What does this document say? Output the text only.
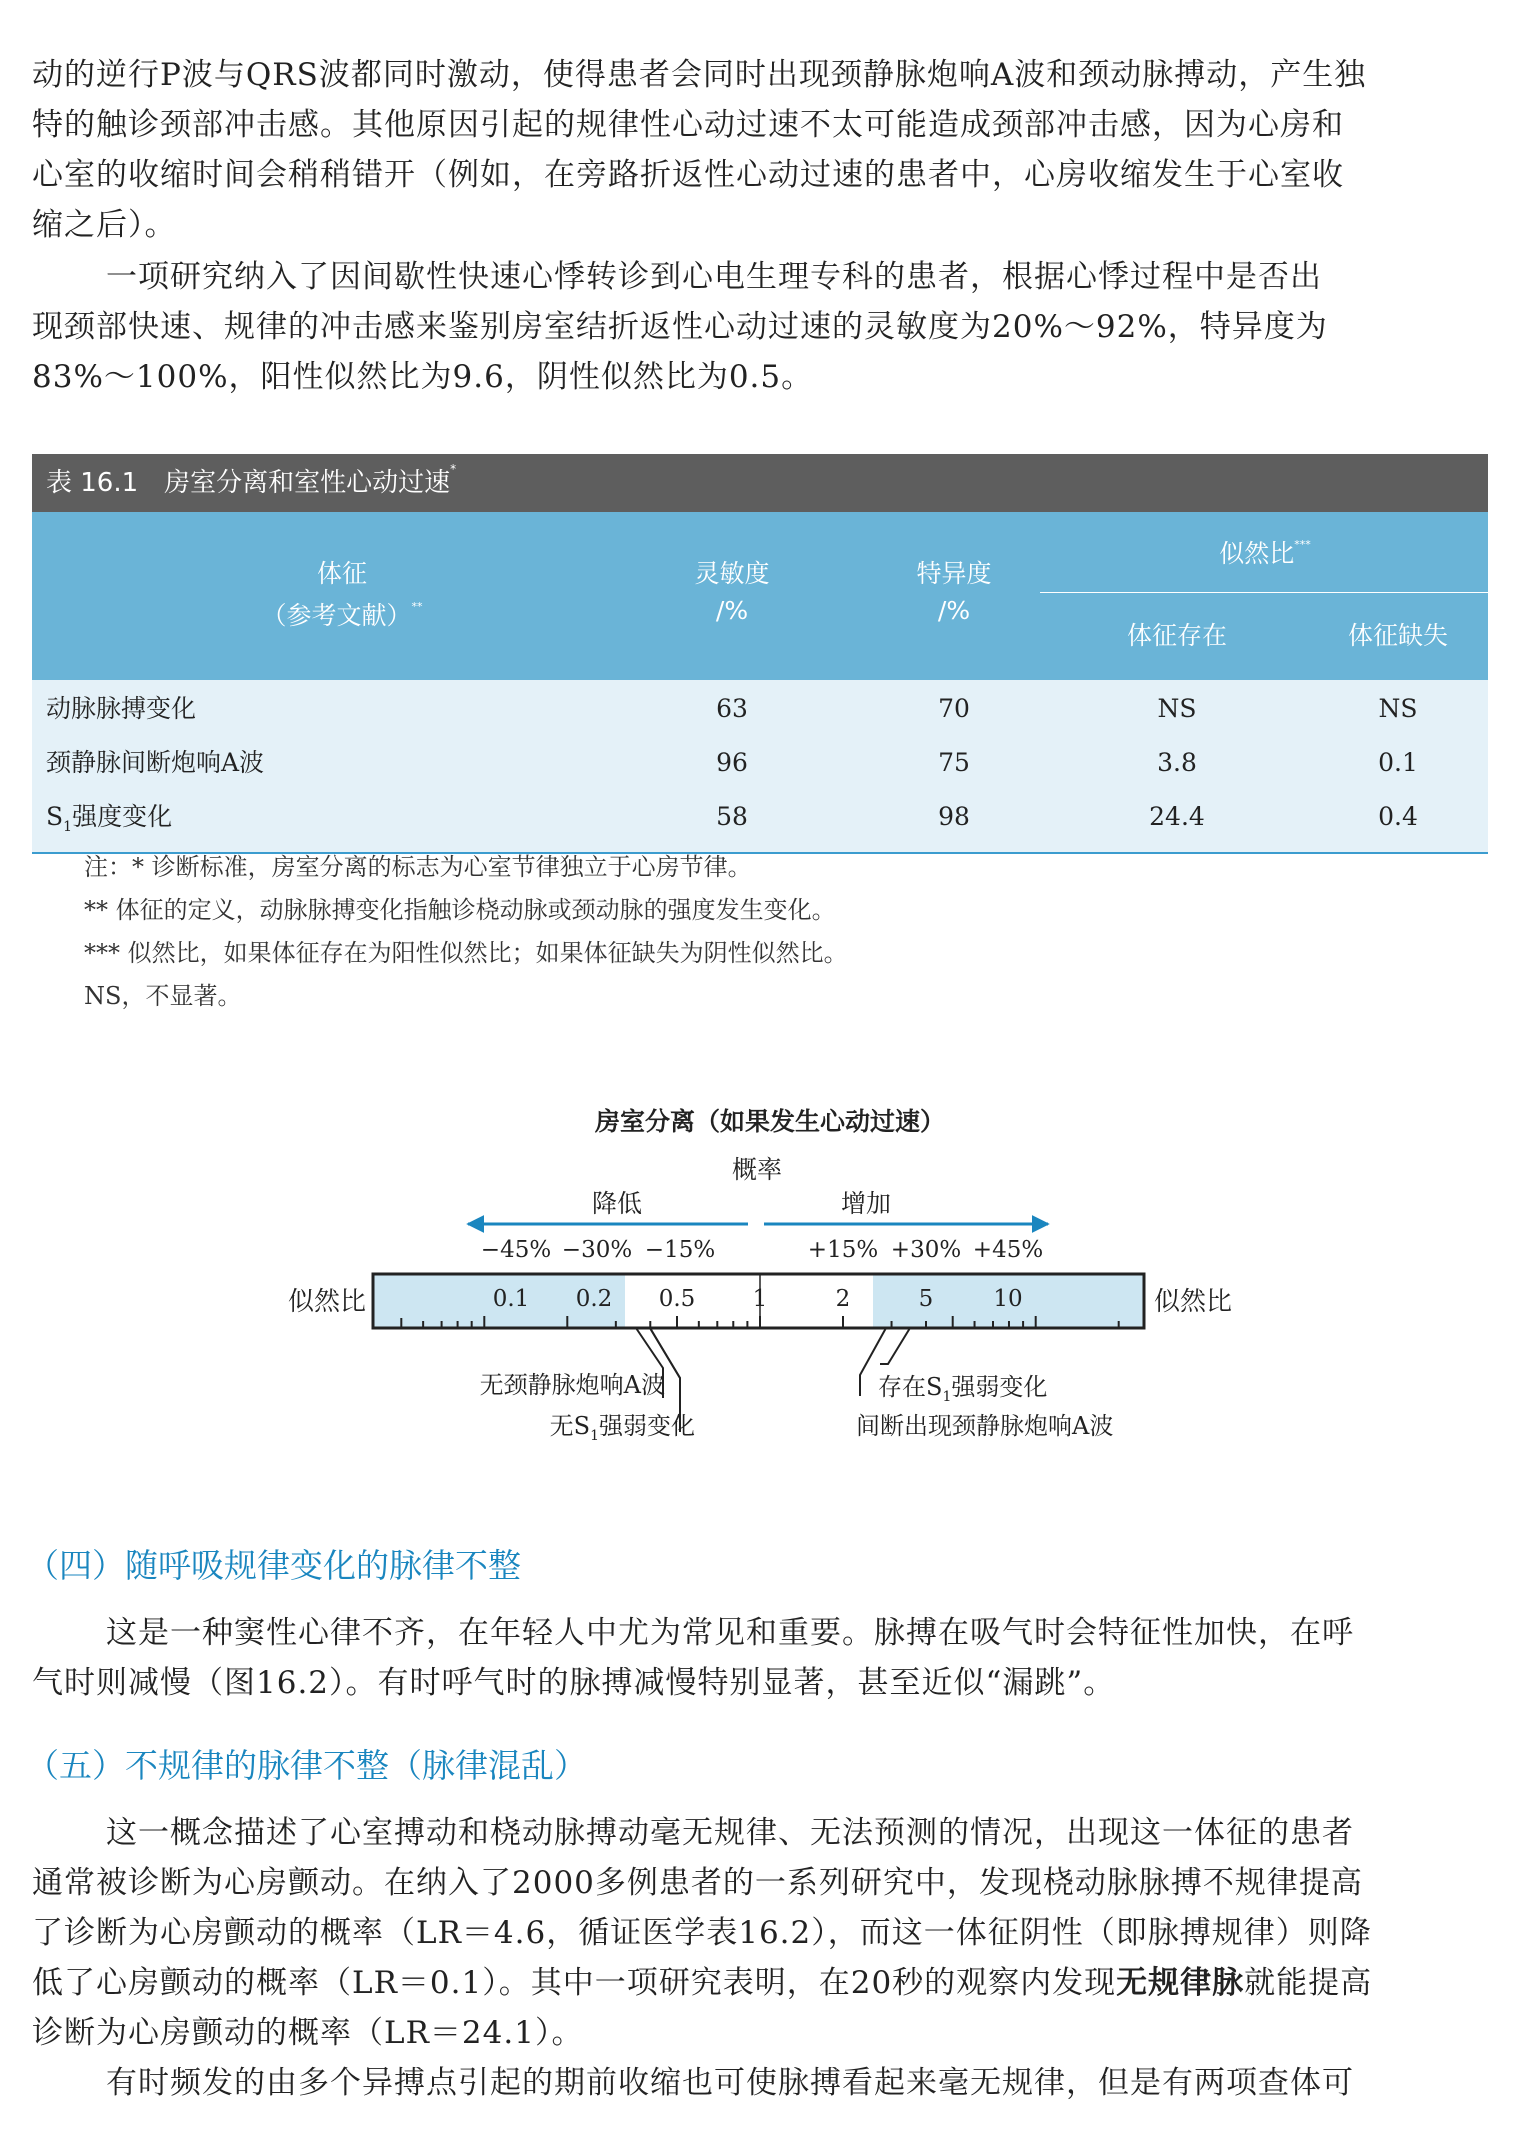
动的逆行P波与QRS波都同时激动，使得患者会同时出现颈静脉炮响A波和颈动脉搏动，产生独
特的触诊颈部冲击感。其他原因引起的规律性心动过速不太可能造成颈部冲击感，因为心房和
心室的收缩时间会稍稍错开（例如，在旁路折返性心动过速的患者中，心房收缩发生于心室收
缩之后）。
一项研究纳入了因间歇性快速心悸转诊到心电生理专科的患者，根据心悸过程中是否出
现颈部快速、规律的冲击感来鉴别房室结折返性心动过速的灵敏度为20%～92%，特异度为
83%～100%，阳性似然比为9.6，阴性似然比为0.5。
表 16.1　房室分离和室性心动过速*
体征
（参考文献）**
灵敏度
/%
特异度
/%
似然比***
体征存在	体征缺失
动脉脉搏变化	63	70	NS	NS
颈静脉间断炮响A波	96	75	3.8	0.1
$S_1$强度变化	58	98	24.4	0.4
注：* 诊断标准，房室分离的标志为心室节律独立于心房节律。
** 体征的定义，动脉脉搏变化指触诊桡动脉或颈动脉的强度发生变化。
*** 似然比，如果体征存在为阳性似然比；如果体征缺失为阴性似然比。
NS，不显著。
房室分离（如果发生心动过速）
概率
降低	增加
−45% −30% −15%	+15% +30% +45%
0.1 0.2 0.5 1	2	5	10
似然比	似然比
无颈静脉炮响A波
无$S_1$强弱变化
存在$S_1$强弱变化
间断出现颈静脉炮响A波
（四）随呼吸规律变化的脉律不整
这是一种窦性心律不齐，在年轻人中尤为常见和重要。脉搏在吸气时会特征性加快，在呼
气时则减慢（图16.2）。有时呼气时的脉搏减慢特别显著，甚至近似“漏跳”。
（五）不规律的脉律不整（脉律混乱）
这一概念描述了心室搏动和桡动脉搏动毫无规律、无法预测的情况，出现这一体征的患者
通常被诊断为心房颤动。在纳入了2000多例患者的一系列研究中，发现桡动脉脉搏不规律提高
了诊断为心房颤动的概率（LR＝4.6，循证医学表16.2），而这一体征阴性（即脉搏规律）则降
低了心房颤动的概率（LR＝0.1）。其中一项研究表明，在20秒的观察内发现无规律脉就能提高
诊断为心房颤动的概率（LR＝24.1）。
有时频发的由多个异搏点引起的期前收缩也可使脉搏看起来毫无规律，但是有两项查体可
